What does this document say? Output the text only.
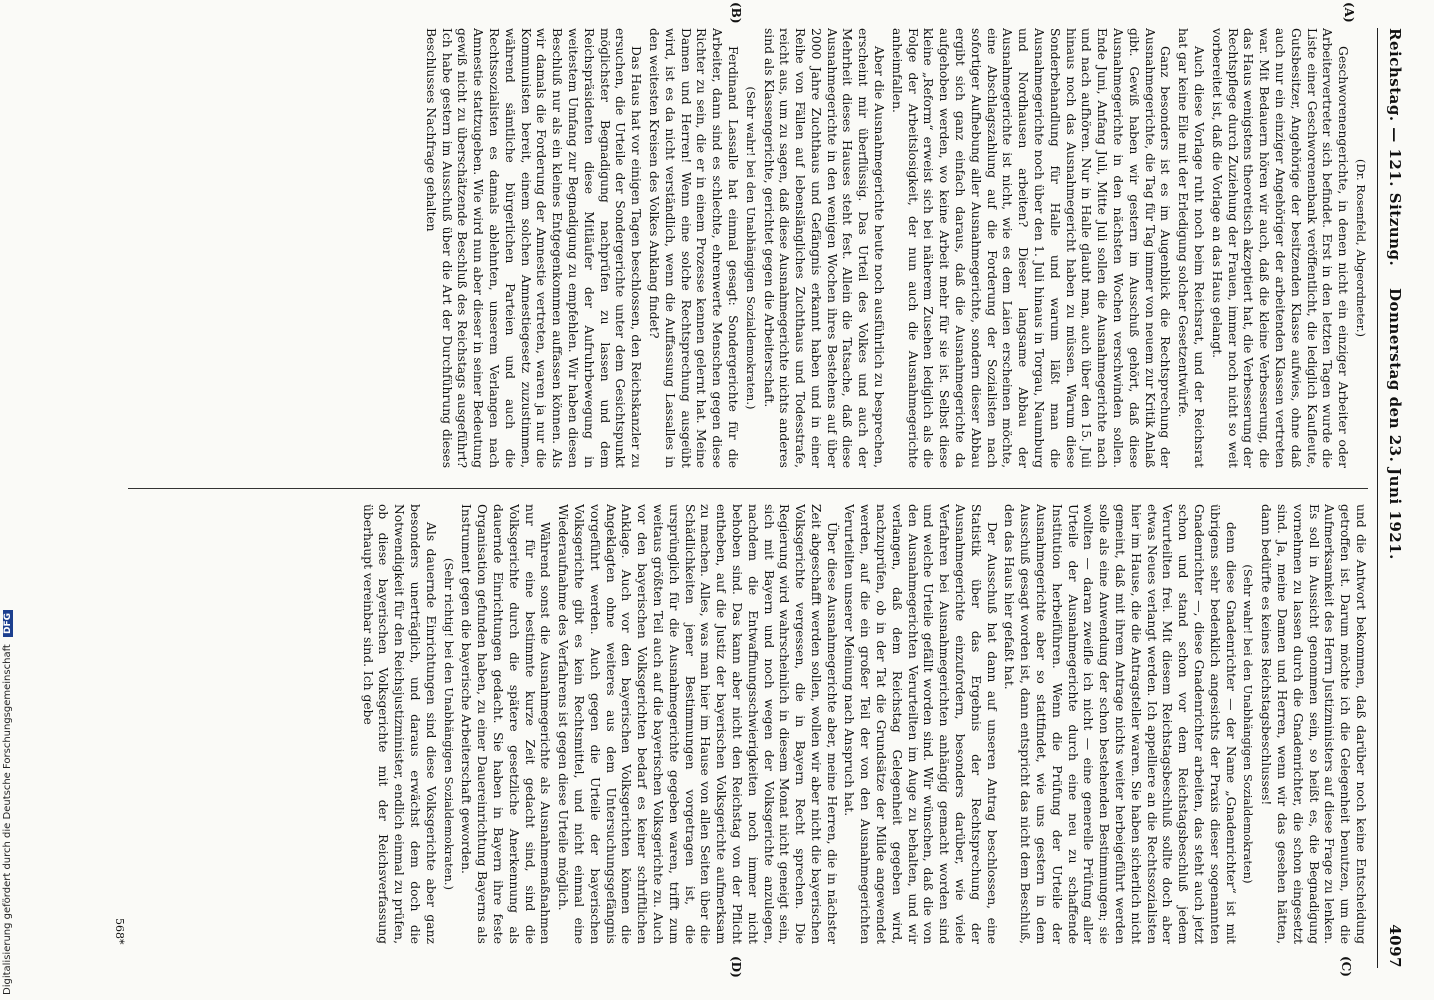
Reichstag. — 121. Sitzung.
Donnerstag den 23. Juni 1921.
4097
(A)
(B)
(C)
(D)

(Dr. Rosenfeld, Abgeordneter.)

Geschworenengerichte, in denen nicht ein einziger Arbeiter oder Arbeitervertreter sich befindet. Erst in den letzten Tagen wurde die Liste einer Geschworenenbank veröffentlicht, die lediglich Kaufleute, Gutsbesitzer, Angehörige der besitzenden Klasse aufwies, ohne daß auch nur ein einziger Angehöriger der arbeitenden Klassen vertreten war. Mit Bedauern hören wir auch, daß die kleine Verbesserung, die das Haus wenigstens theoretisch akzeptiert hat, die Verbesserung der Rechtspflege durch Zuziehung der Frauen, immer noch nicht so weit vorbereitet ist, daß die Vorlage an das Haus gelangt.

Auch diese Vorlage ruht noch beim Reichsrat, und der Reichsrat hat gar keine Eile mit der Erledigung solcher Gesetzentwürfe.

Ganz besonders ist es im Augenblick die Rechtsprechung der Ausnahmegerichte, die Tag für Tag immer von neuem zur Kritik Anlaß gibt. Gewiß haben wir gestern im Ausschuß gehört, daß diese Ausnahmegerichte in den nächsten Wochen verschwinden sollen. Ende Juni, Anfang Juli, Mitte Juli sollen die Ausnahmegerichte nach und nach aufhören. Nur in Halle glaubt man, auch über den 15. Juli hinaus noch das Ausnahmegericht haben zu müssen. Warum diese Sonderbehandlung für Halle und warum läßt man die Ausnahmegerichte noch über den 1. Juli hinaus in Torgau, Naumburg und Nordhausen arbeiten? Dieser langsame Abbau der Ausnahmegerichte ist nicht, wie es dem Laien erscheinen möchte, eine Abschlagszahlung auf die Forderung der Sozialisten nach sofortiger Aufhebung aller Ausnahmegerichte, sondern dieser Abbau ergibt sich ganz einfach daraus, daß die Ausnahmegerichte da aufgehoben werden, wo keine Arbeit mehr für sie ist. Selbst diese kleine „Reform“ erweist sich bei näherem Zusehen lediglich als die Folge der Arbeitslosigkeit, der nun auch die Ausnahmegerichte anheimfallen.

Aber die Ausnahmegerichte heute noch ausführlich zu besprechen, erscheint mir überflüssig. Das Urteil des Volkes und auch der Mehrheit dieses Hauses steht fest. Allein die Tatsache, daß diese Ausnahmegerichte in den wenigen Wochen ihres Bestehens auf über 2000 Jahre Zuchthaus und Gefängnis erkannt haben und in einer Reihe von Fällen auf lebenslängliches Zuchthaus und Todesstrafe, reicht aus, um zu sagen, daß diese Ausnahmegerichte nichts anderes sind als Klassengerichte, gerichtet gegen die Arbeiterschaft.

(Sehr wahr! bei den Unabhängigen Sozialdemokraten.)

Ferdinand Lassalle hat einmal gesagt: Sondergerichte für die Arbeiter, dann sind es schlechte, ehrenwerte Menschen gegen diese Richter zu sein, die er in einem Prozesse kennen gelernt hat. Meine Damen und Herren! Wenn eine solche Rechtsprechung ausgeübt wird, ist es da nicht verständlich, wenn die Auffassung Lassalles in den weitesten Kreisen des Volkes Anklang findet?

Das Haus hat vor einigen Tagen beschlossen, den Reichskanzler zu ersuchen, die Urteile der Sondergerichte unter dem Gesichtspunkt möglichster Begnadigung nachprüfen zu lassen und dem Reichspräsidenten diese Mitläufer der Aufruhrbewegung in weitestem Umfang zur Begnadigung zu empfehlen. Wir haben diesen Beschluß nur als ein kleines Entgegenkommen auffassen können. Als wir damals die Forderung der Amnestie vertreten, waren ja nur die Kommunisten bereit, einem solchen Amnestiegesetz zuzustimmen, während sämtliche bürgerlichen Parteien und auch die Rechtssozialisten es damals ablehnten, unserem Verlangen nach Amnestie stattzugeben. Wie wird nun aber dieser in seiner Bedeutung gewiß nicht zu überschätzende Beschluß des Reichstags ausgeführt? Ich habe gestern im Ausschuß über die Art der Durchführung dieses Beschlusses Nachfrage gehalten

und die Antwort bekommen, daß darüber noch keine Entscheidung getroffen ist. Darum möchte ich die Gelegenheit benutzen, um die Aufmerksamkeit des Herrn Justizministers auf diese Frage zu lenken. Es soll in Aussicht genommen sein, so heißt es, die Begnadigung vornehmen zu lassen durch die Gnadenrichter, die schon eingesetzt sind. Ja, meine Damen und Herren, wenn wir das gesehen hätten, dann bedürfte es keines Reichstagsbeschlusses!

(Sehr wahr! bei den Unabhängigen Sozialdemokraten)

denn diese Gnadenrichter — der Name „Gnadenrichter“ ist mit übrigens sehr bedenklich angesichts der Praxis dieser sogenannten Gnadenrichter —, diese Gnadenrichter arbeiten, das steht auch jetzt schon und stand schon vor dem Reichstagsbeschluß jedem Verurteilten frei. Mit diesem Reichstagsbeschluß sollte doch aber etwas Neues verlangt werden. Ich appelliere an die Rechtssozialisten hier im Hause, die die Antragsteller waren. Sie haben sicherlich nicht gemeint, daß mit ihrem Antrage nichts weiter herbeigeführt werden solle als eine Anwendung der schon bestehenden Bestimmungen; sie wollten — daran zweifle ich nicht — eine generelle Prüfung aller Urteile der Ausnahmegerichte durch eine neu zu schaffende Institution herbeiführen. Wenn die Prüfung der Urteile der Ausnahmegerichte aber so stattfindet, wie uns gestern in dem Ausschuß gesagt worden ist, dann entspricht das nicht dem Beschluß, den das Haus hier gefaßt hat.

Der Ausschuß hat dann auf unseren Antrag beschlossen, eine Statistik über das Ergebnis der Rechtsprechung der Ausnahmegerichte einzufordern, besonders darüber, wie viele Verfahren bei Ausnahmegerichten anhängig gemacht worden sind und welche Urteile gefällt worden sind. Wir wünschen, daß die von den Ausnahmegerichten Verurteilten im Auge zu behalten, und wir verlangen, daß dem Reichstag Gelegenheit gegeben wird, nachzuprüfen, ob in der Tat die Grundsätze der Milde angewendet werden, auf die ein großer Teil der von den Ausnahmegerichten Verurteilten unserer Meinung nach Anspruch hat.

Über diese Ausnahmegerichte aber, meine Herren, die in nächster Zeit abgeschafft werden sollen, wollen wir aber nicht die bayerischen Volksgerichte vergessen, die in Bayern Recht sprechen. Die Regierung wird wahrscheinlich in diesem Monat nicht geneigt sein, sich mit Bayern und noch wegen der Volksgerichte anzulegen, nachdem die Entwaffnungsschwierigkeiten noch immer nicht behoben sind. Das kann aber nicht den Reichstag von der Pflicht entheben, auf die Justiz der bayerischen Volksgerichte aufmerksam zu machen. Alles, was man hier im Hause von allen Seiten über die Schädlichkeiten jener Bestimmungen vorgetragen ist, die ursprünglich für die Ausnahmegerichte gegeben waren, trifft zum weitaus größten Teil auch auf die bayerischen Volksgerichte zu. Auch vor den bayerischen Volksgerichten bedarf es keiner schriftlichen Anklage. Auch vor den bayerischen Volksgerichten können die Angeklagten ohne weiteres aus dem Untersuchungsgefängnis vorgeführt werden. Auch gegen die Urteile der bayerischen Volksgerichte gibt es kein Rechtsmittel, und nicht einmal eine Wiederaufnahme des Verfahrens ist gegen diese Urteile möglich.

Während sonst die Ausnahmegerichte als Ausnahmemaßnahmen nur für eine bestimmte kurze Zeit gedacht sind, sind die Volksgerichte durch die spätere gesetzliche Anerkennung als dauernde Einrichtungen gedacht. Sie haben in Bayern ihre feste Organisation gefunden haben, zu einer Dauereinrichtung Bayerns als Instrument gegen die bayerische Arbeiterschaft geworden.

(Sehr richtig! bei den Unabhängigen Sozialdemokraten.)

Als dauernde Einrichtungen sind diese Volksgerichte aber ganz besonders unerträglich, und daraus erwächst dem doch die Notwendigkeit für den Reichsjustizminister, endlich einmal zu prüfen, ob diese bayerischen Volksgerichte mit der Reichsverfassung überhaupt vereinbar sind. Ich gebe

568*
Digitalisierung gefördert durch die Deutsche Forschungsgemeinschaft DFG
